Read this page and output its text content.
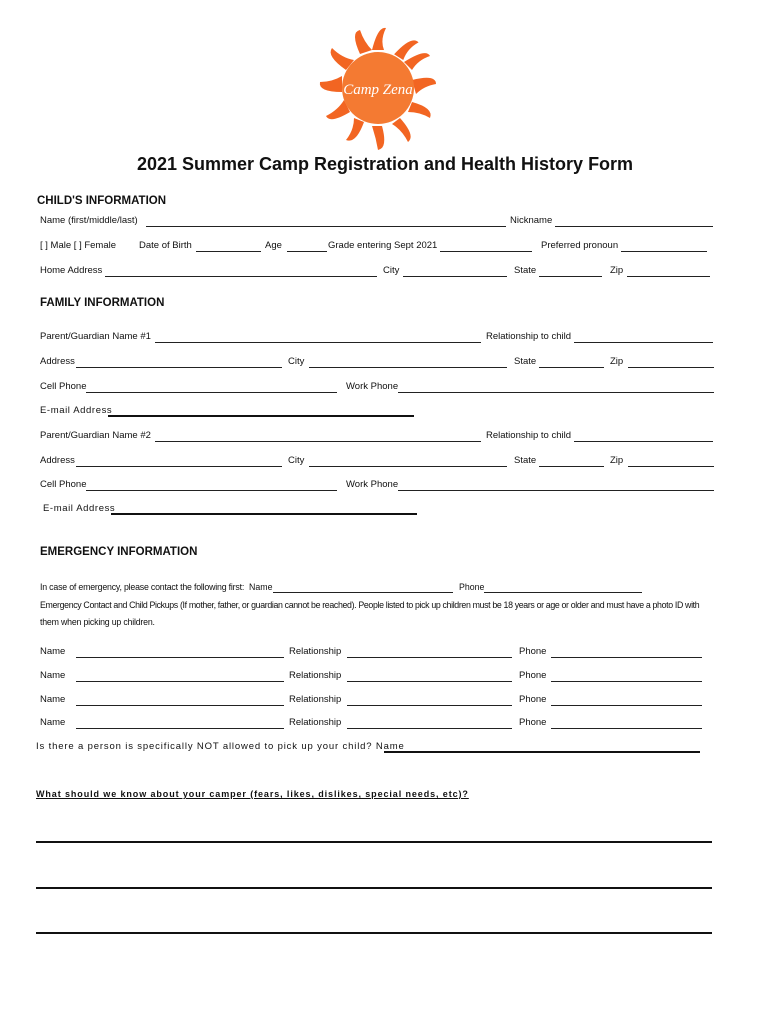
Camp Zena
2021 Summer Camp Registration and Health History Form
CHILD'S INFORMATION
Name (first/middle/last)	Nickname
[ ] Male [ ] Female Date of Birth	Age	Grade entering Sept 2021	Preferred pronoun
Home Address	City	State	Zip
FAMILY INFORMATION
Parent/Guardian Name #1	Relationship to child
Address	City	State	Zip
Cell Phone	Work Phone
E-mail Address
Parent/Guardian Name #2	Relationship to child
Address	City	State	Zip
Cell Phone	Work Phone
E-mail Address
EMERGENCY INFORMATION
In case of emergency, please contact the following first: Name	Phone
Emergency Contact and Child Pickups (If mother, father, or guardian cannot be reached). People listed to pick up children must be 18 years or age or older and must have a photo ID with
them when picking up children.
Name	Relationship	Phone
Name	Relationship	Phone
Name	Relationship	Phone
Name	Relationship	Phone
Is there a person is specifically NOT allowed to pick up your child? Name
What should we know about your camper (fears, likes, dislikes, special needs, etc)?
